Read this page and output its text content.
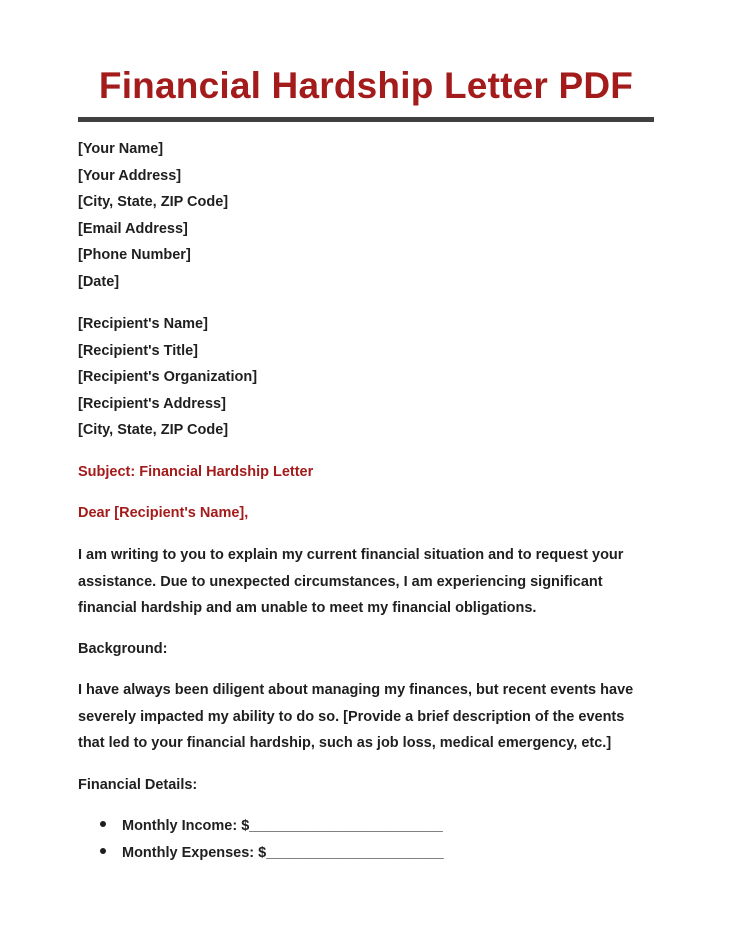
Financial Hardship Letter PDF
[Your Name]
[Your Address]
[City, State, ZIP Code]
[Email Address]
[Phone Number]
[Date]
[Recipient's Name]
[Recipient's Title]
[Recipient's Organization]
[Recipient's Address]
[City, State, ZIP Code]
Subject: Financial Hardship Letter
Dear [Recipient's Name],
I am writing to you to explain my current financial situation and to request your
assistance. Due to unexpected circumstances, I am experiencing significant
financial hardship and am unable to meet my financial obligations.
Background:
I have always been diligent about managing my finances, but recent events have
severely impacted my ability to do so. [Provide a brief description of the events
that led to your financial hardship, such as job loss, medical emergency, etc.]
Financial Details:
Monthly Income: $________________________
Monthly Expenses: $______________________
